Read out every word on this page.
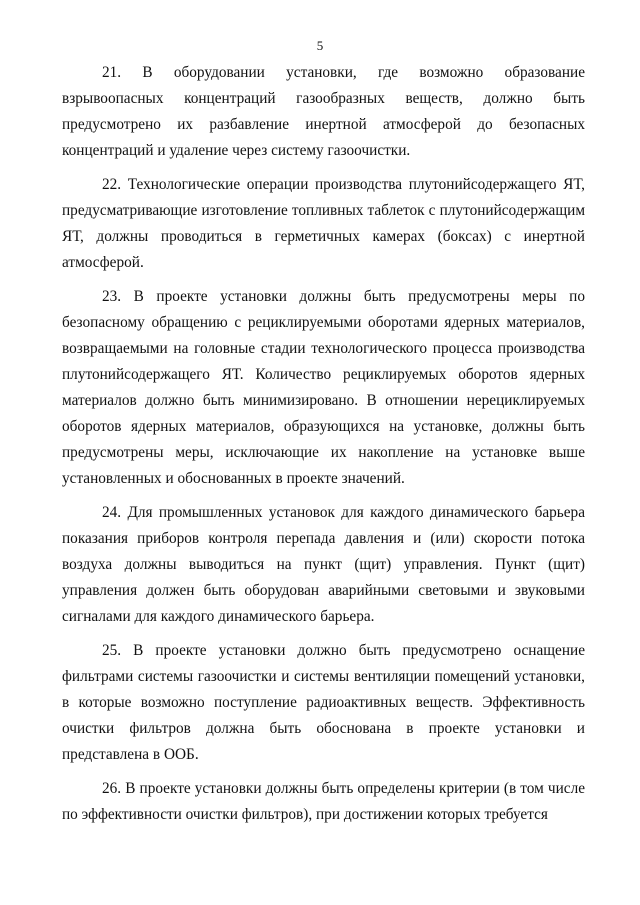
5

21. В оборудовании установки, где возможно образование взрывоопасных концентраций газообразных веществ, должно быть предусмотрено их разбавление инертной атмосферой до безопасных концентраций и удаление через систему газоочистки.

22. Технологические операции производства плутонийсодержащего ЯТ, предусматривающие изготовление топливных таблеток с плутонийсодержащим ЯТ, должны проводиться в герметичных камерах (боксах) с инертной атмосферой.

23. В проекте установки должны быть предусмотрены меры по безопасному обращению с рециклируемыми оборотами ядерных материалов, возвращаемыми на головные стадии технологического процесса производства плутонийсодержащего ЯТ. Количество рециклируемых оборотов ядерных материалов должно быть минимизировано. В отношении нерециклируемых оборотов ядерных материалов, образующихся на установке, должны быть предусмотрены меры, исключающие их накопление на установке выше установленных и обоснованных в проекте значений.

24. Для промышленных установок для каждого динамического барьера показания приборов контроля перепада давления и (или) скорости потока воздуха должны выводиться на пункт (щит) управления. Пункт (щит) управления должен быть оборудован аварийными световыми и звуковыми сигналами для каждого динамического барьера.

25. В проекте установки должно быть предусмотрено оснащение фильтрами системы газоочистки и системы вентиляции помещений установки, в которые возможно поступление радиоактивных веществ. Эффективность очистки фильтров должна быть обоснована в проекте установки и представлена в ООБ.

26. В проекте установки должны быть определены критерии (в том числе по эффективности очистки фильтров), при достижении которых требуется
